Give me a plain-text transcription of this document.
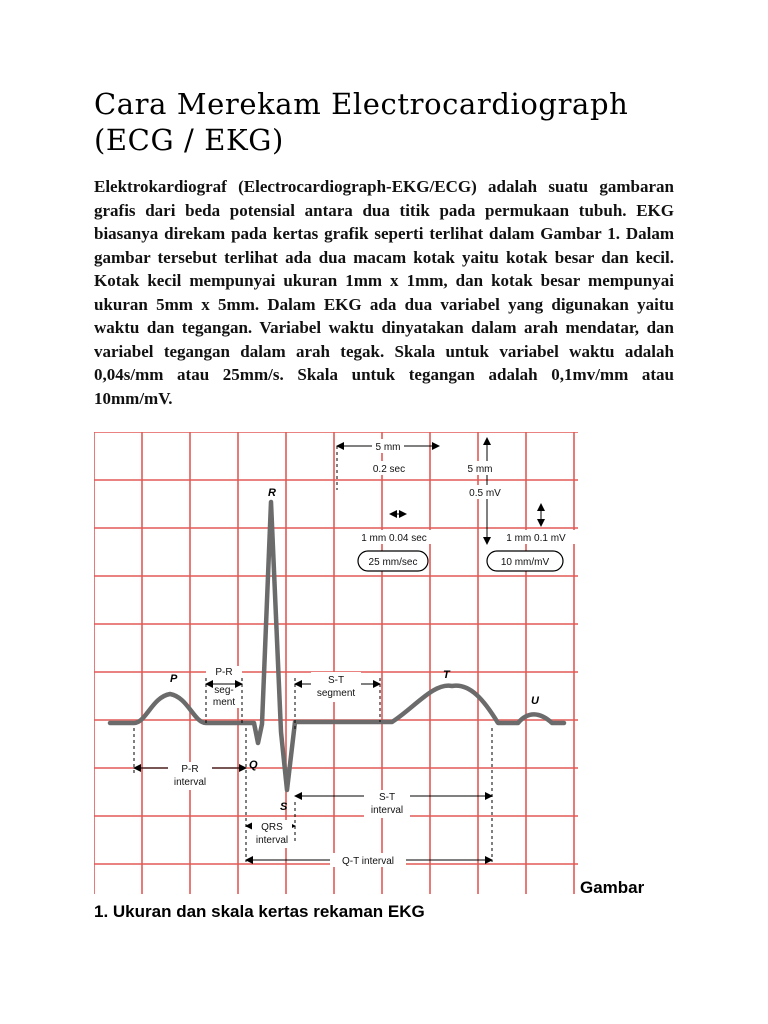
Cara Merekam Electrocardiograph (ECG / EKG)

Elektrokardiograf (Electrocardiograph-EKG/ECG) adalah suatu gambaran grafis dari beda potensial antara dua titik pada permukaan tubuh. EKG biasanya direkam pada kertas grafik seperti terlihat dalam Gambar 1. Dalam gambar tersebut terlihat ada dua macam kotak yaitu kotak besar dan kecil. Kotak kecil mempunyai ukuran 1mm x 1mm, dan kotak besar mempunyai ukuran 5mm x 5mm. Dalam EKG ada dua variabel yang digunakan yaitu waktu dan tegangan. Variabel waktu dinyatakan dalam arah mendatar, dan variabel tegangan dalam arah tegak. Skala untuk variabel waktu adalah 0,04s/mm atau 25mm/s. Skala untuk tegangan adalah 0,1mv/mm atau 10mm/mV.

R
P
Q
S
T
U
5 mm
0.2 sec	5 mm
0.5 mV
1 mm 0.04 sec	1 mm 0.1 mV
25 mm/sec	10 mm/mV
P-R
seg-
ment
S-T
segment
P-R
interval
S-T
interval
QRS
interval
Q-T interval

Gambar

1. Ukuran dan skala kertas rekaman EKG
